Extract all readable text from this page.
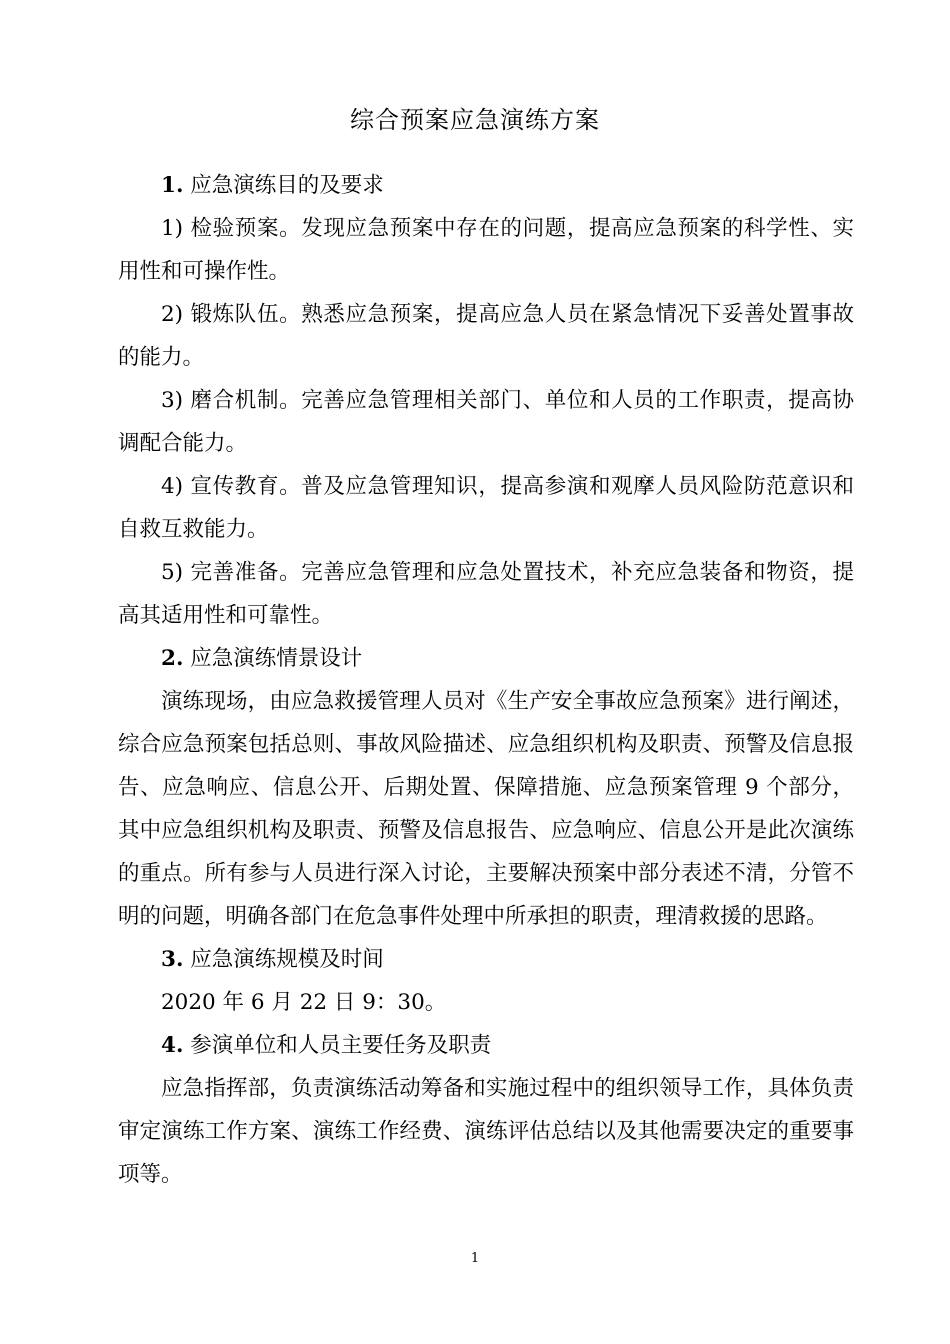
综合预案应急演练方案

1. 应急演练目的及要求

1) 检验预案。发现应急预案中存在的问题，提高应急预案的科学性、实用性和可操作性。

2) 锻炼队伍。熟悉应急预案，提高应急人员在紧急情况下妥善处置事故的能力。

3) 磨合机制。完善应急管理相关部门、单位和人员的工作职责，提高协调配合能力。

4) 宣传教育。普及应急管理知识，提高参演和观摩人员风险防范意识和自救互救能力。

5) 完善准备。完善应急管理和应急处置技术，补充应急装备和物资，提高其适用性和可靠性。

2. 应急演练情景设计

演练现场，由应急救援管理人员对《生产安全事故应急预案》进行阐述，综合应急预案包括总则、事故风险描述、应急组织机构及职责、预警及信息报告、应急响应、信息公开、后期处置、保障措施、应急预案管理 9 个部分，其中应急组织机构及职责、预警及信息报告、应急响应、信息公开是此次演练的重点。所有参与人员进行深入讨论，主要解决预案中部分表述不清，分管不明的问题，明确各部门在危急事件处理中所承担的职责，理清救援的思路。

3. 应急演练规模及时间

2020 年 6 月 22 日 9：30。

4. 参演单位和人员主要任务及职责

应急指挥部，负责演练活动筹备和实施过程中的组织领导工作，具体负责审定演练工作方案、演练工作经费、演练评估总结以及其他需要决定的重要事项等。

1
